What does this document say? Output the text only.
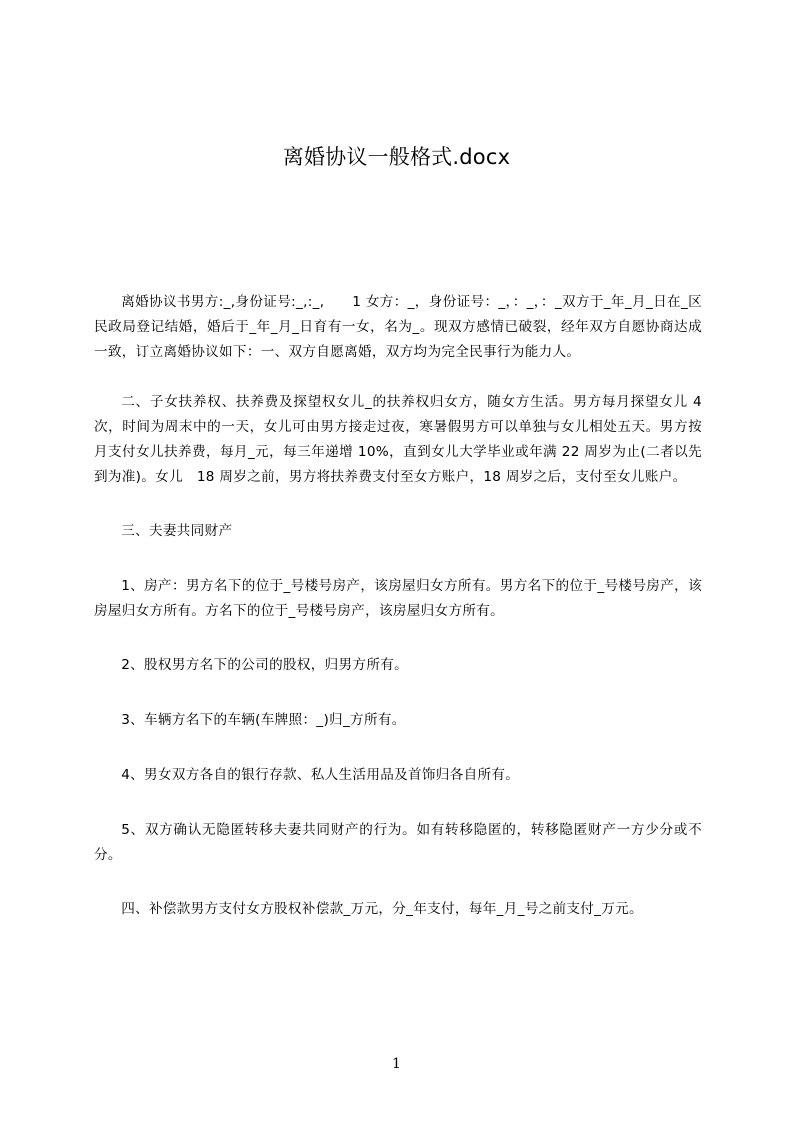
离婚协议一般格式.docx

离婚协议书男方:_,身份证号:_,:_,　　1 女方：_，身份证号：_，：_，：_双方于_年_月_日在_区民政局登记结婚，婚后于_年_月_日育有一女，名为_。现双方感情已破裂，经年双方自愿协商达成一致，订立离婚协议如下：一、双方自愿离婚，双方均为完全民事行为能力人。

二、子女扶养权、扶养费及探望权女儿_的扶养权归女方，随女方生活。男方每月探望女儿 4 次，时间为周末中的一天，女儿可由男方接走过夜，寒暑假男方可以单独与女儿相处五天。男方按月支付女儿扶养费，每月_元，每三年递增 10%，直到女儿大学毕业或年满 22 周岁为止(二者以先到为准)。女儿　18 周岁之前，男方将扶养费支付至女方账户，18 周岁之后，支付至女儿账户。

三、夫妻共同财产

1、房产：男方名下的位于_号楼号房产，该房屋归女方所有。男方名下的位于_号楼号房产，该房屋归女方所有。方名下的位于_号楼号房产，该房屋归女方所有。

2、股权男方名下的公司的股权，归男方所有。

3、车辆方名下的车辆(车牌照：_)归_方所有。

4、男女双方各自的银行存款、私人生活用品及首饰归各自所有。

5、双方确认无隐匿转移夫妻共同财产的行为。如有转移隐匿的，转移隐匿财产一方少分或不分。

四、补偿款男方支付女方股权补偿款_万元，分_年支付，每年_月_号之前支付_万元。

1
